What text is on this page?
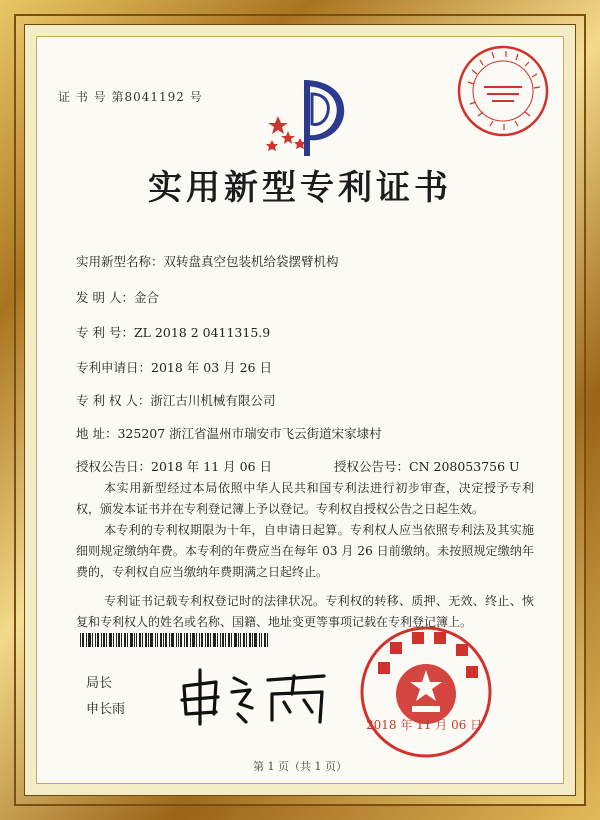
证 书 号 第8041192 号
实用新型专利证书
实用新型名称：双转盘真空包装机给袋摆臂机构
发 明 人：金合
专 利 号：ZL 2018 2 0411315.9
专利申请日：2018 年 03 月 26 日
专 利 权 人：浙江古川机械有限公司
地 址：325207 浙江省温州市瑞安市飞云街道宋家埭村
授权公告日：2018 年 11 月 06 日	授权公告号：CN 208053756 U

本实用新型经过本局依照中华人民共和国专利法进行初步审查，决定授予专利权，颁发本证书并在专利登记簿上予以登记。专利权自授权公告之日起生效。

本专利的专利权期限为十年，自申请日起算。专利权人应当依照专利法及其实施细则规定缴纳年费。本专利的年费应当在每年 03 月 26 日前缴纳。未按照规定缴纳年费的，专利权自应当缴纳年费期满之日起终止。

专利证书记载专利权登记时的法律状况。专利权的转移、质押、无效、终止、恢复和专利权人的姓名或名称、国籍、地址变更等事项记载在专利登记簿上。

局长
申长雨
2018 年 11 月 06 日
第 1 页（共 1 页）
